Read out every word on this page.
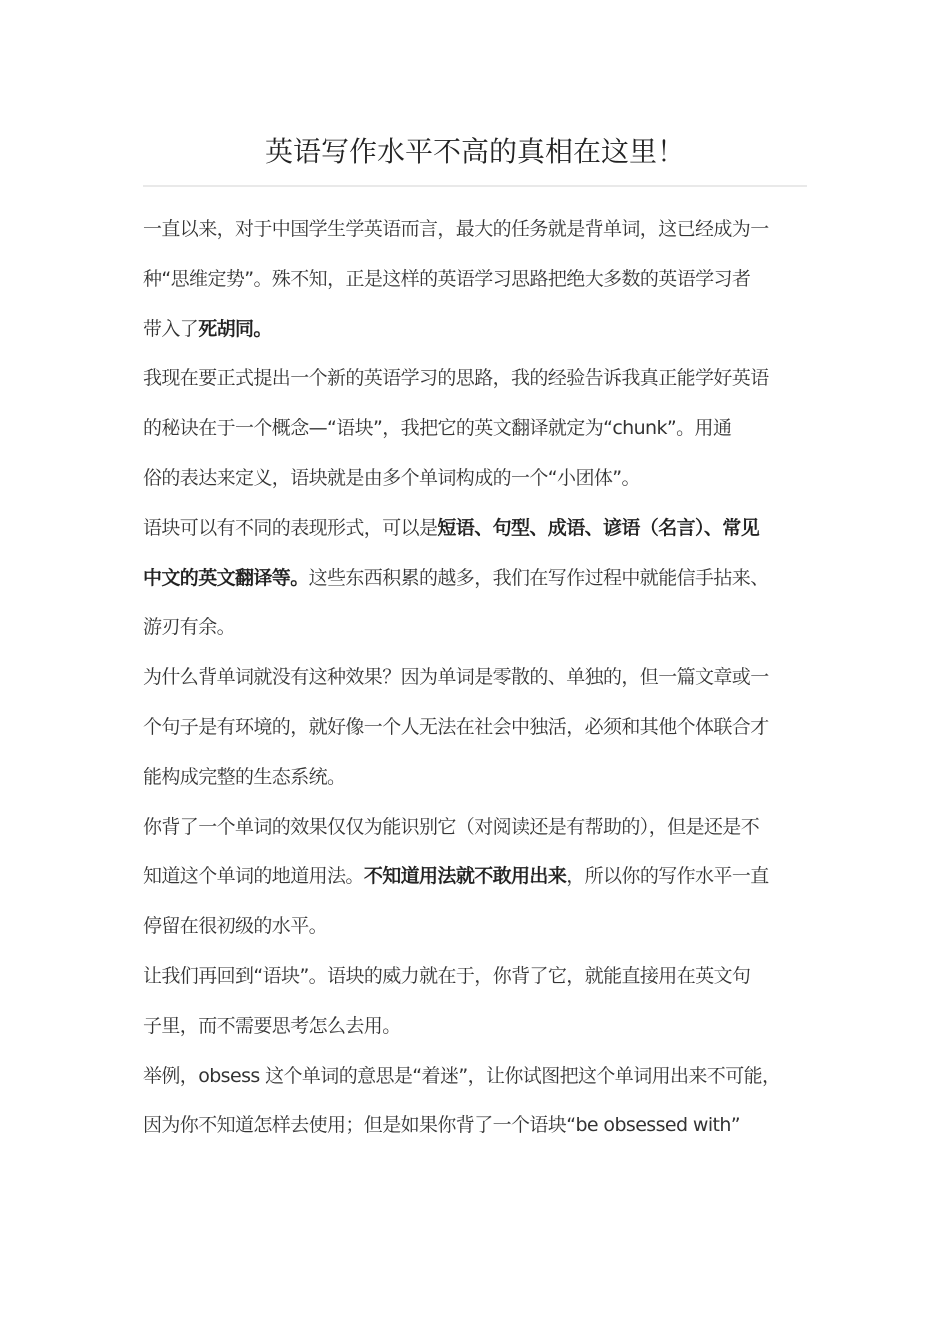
英语写作水平不高的真相在这里！
一直以来，对于中国学生学英语而言，最大的任务就是背单词，这已经成为一
种“思维定势”。殊不知，正是这样的英语学习思路把绝大多数的英语学习者
带入了死胡同。
我现在要正式提出一个新的英语学习的思路，我的经验告诉我真正能学好英语
的秘诀在于一个概念—“语块”，我把它的英文翻译就定为“chunk”。用通
俗的表达来定义，语块就是由多个单词构成的一个“小团体”。
语块可以有不同的表现形式，可以是短语、句型、成语、谚语（名言）、常见
中文的英文翻译等。这些东西积累的越多，我们在写作过程中就能信手拈来、
游刃有余。
为什么背单词就没有这种效果？因为单词是零散的、单独的，但一篇文章或一
个句子是有环境的，就好像一个人无法在社会中独活，必须和其他个体联合才
能构成完整的生态系统。
你背了一个单词的效果仅仅为能识别它（对阅读还是有帮助的），但是还是不
知道这个单词的地道用法。不知道用法就不敢用出来，所以你的写作水平一直
停留在很初级的水平。
让我们再回到“语块”。语块的威力就在于，你背了它，就能直接用在英文句
子里，而不需要思考怎么去用。
举例，obsess 这个单词的意思是“着迷”，让你试图把这个单词用出来不可能，
因为你不知道怎样去使用；但是如果你背了一个语块“be obsessed with”
